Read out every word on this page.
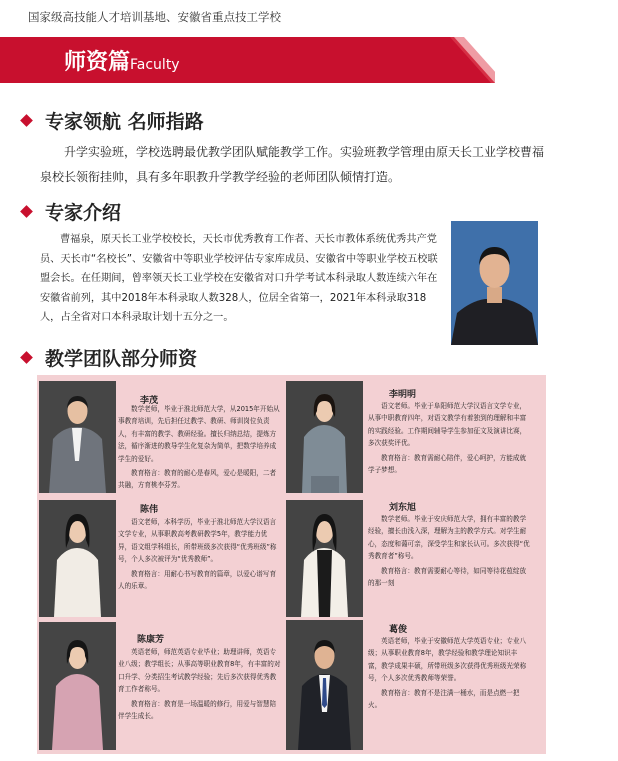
国家级高技能人才培训基地、安徽省重点技工学校
师资篇Faculty
专家领航 名师指路
升学实验班，学校选聘最优教学团队赋能教学工作。实验班教学管理由原天长工业学校曹福泉校长领衔挂帅，具有多年职教升学教学经验的老师团队倾情打造。
专家介绍
曹福泉，原天长工业学校校长，天长市优秀教育工作者、天长市教体系统优秀共产党员、天长市“名校长”、安徽省中等职业学校评估专家库成员、安徽省中等职业学校五校联盟会长。在任期间，曾率领天长工业学校在安徽省对口升学考试本科录取人数连续六年在安徽省前列，其中2018年本科录取人数328人，位居全省第一，2021年本科录取318人，占全省对口本科录取计划十五分之一。
教学团队部分师资
李茂

数学老师，毕业于淮北师范大学，从2015年开始从事教育培训，先后担任过教学、教研、师训岗位负责人，有丰富的教学、教研经验。擅长归纳总结，提炼方法，循序渐进的教导学生化复杂为简单，把数学培养成学生的爱好。

教育格言：教育的耐心是春风，爱心是暖阳，二者共融，方育桃李芬芳。

李明明

语文老师。毕业于阜阳师范大学汉语言文学专业，从事中职教育四年，对语文教学有着独到的理解和丰富的实践经验。工作期间辅导学生参加征文及演讲比赛，多次获奖评优。

教育格言：教育需耐心陪伴，爱心呵护，方能成就学子梦想。

陈伟

语文老师，本科学历，毕业于淮北师范大学汉语言文学专业，从事职教高考教研教学5年，教学能力优异，语文组学科组长，所带班级多次获得“优秀班级”称号，个人多次被评为“优秀教师”。

教育格言：用耐心书写教育的篇章，以爱心谱写育人的乐章。

刘东旭

数学老师。毕业于安庆师范大学，拥有丰富的教学经验，擅长由浅入深，理解为主的教学方式。对学生耐心，态度和蔼可亲，深受学生和家长认可。多次获得“优秀教育者”称号。

教育格言：教育需要耐心等待，如同等待花苞绽放的那一刻

陈康芳

英语老师，师范英语专业毕业；助理讲师，英语专业八级；教学组长；从事高等职业教育8年，有丰富的对口升学、分类招生考试教学经验；先后多次获得优秀教育工作者称号。

教育格言：教育是一场温暖的修行，用爱与智慧陪伴学生成长。

葛俊

英语老师，毕业于安徽师范大学英语专业；专业八级；从事职业教育8年，教学经验和教学理论知识丰富，教学成果丰硕，所带班级多次获得优秀班级光荣称号，个人多次优秀教师等荣誉。

教育格言：教育不是注满一桶水，而是点燃一把火。
